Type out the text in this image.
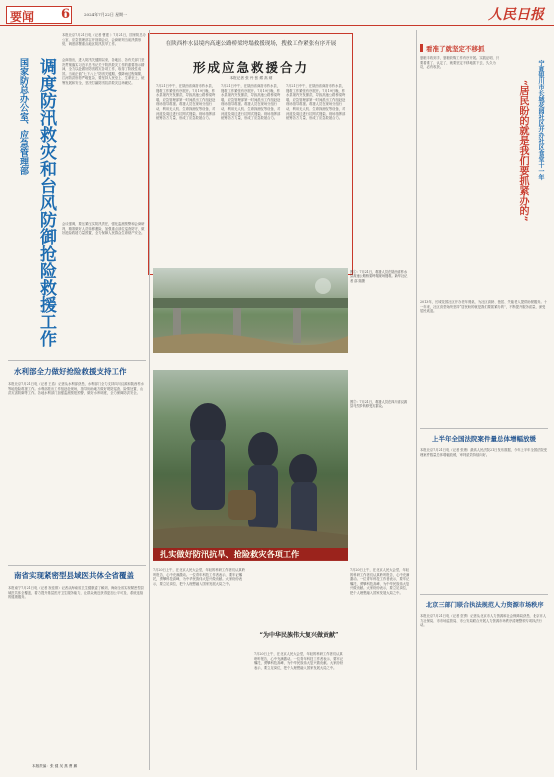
要闻 6	2024年7月22日 星期一	人民日报
本报北京7月21日电（记者 曹建 ）7月21日，国家防总办公室、应急管理部召开视频会议，会商研判当前汛情形势，调度部署重点地区防汛抗旱工作。
调度防汛救灾和台风防御抢险救援工作
国家防总办公室、应急管理部	会商指出，进入防汛关键期以来，各地区、各有关部门坚决贯彻落实习近平总书记关于防汛救灾工作的重要指示精神，全力以赴做好防汛救灾各项工作，取得了阶段性成效。当前正值“七下八上”防汛关键期，强降雨过程频繁，江河防洪形势严峻复杂，要坚持人民至上、生命至上，统筹发展和安全，坚决打赢防汛抗洪救灾这场硬仗。
会议强调，要压紧压实防汛责任，强化监测预警和会商研判，精准做好人员转移避险，加强重点部位巡查防守，做好抢险救援力量预置，全力保障人民群众生命财产安全。
水利部全力做好抢险救援支持工作
本报北京7月21日电（记者 王浩）记者从水利部获悉，水利部门全力支持四川汉源和陕西柞水等地抢险救援工作。水利部派出工作组赶赴现场，指导协助地方做好堤防巡查、险情处置、山洪灾害防御等工作。各地水利部门加强监测预报预警，做好水库调度，全力保障防洪安全。
南省实现紧密型县域医共体全省覆盖
本报南宁7月21日电（记者 祝佳祺）记者从海南省卫生健康委了解到，海南全省实现紧密型县域医共体全覆盖，着力提升基层医疗卫生服务能力，让群众就近获得更加公平可及、系统连续的健康服务。
本版责编：张 健 吴 燕 曹 鹏
在陕西柞水县境内高速公路桥梁垮塌救援现场，搜救工作紧张有序开展
形成应急救援合力
本报记者 张 丹 张 熠 高 炳
7月21日中午，在陕西省商洛市柞水县，搜救工作紧张有序展开。7月19日晚，柞水县境内突发暴洪，导致高速公路桥梁垮塌，应急管理部第一时间派出工作组赶赴现场指导救援。救援人员在现场分组行动，利用无人机、生命探测仪等设备，对河道及周边进行拉网式搜索。现场指挥部统筹各方力量，形成了应急救援合力。
7月21日中午，在陕西省商洛市柞水县，搜救工作紧张有序展开。7月19日晚，柞水县境内突发暴洪，导致高速公路桥梁垮塌，应急管理部第一时间派出工作组赶赴现场指导救援。救援人员在现场分组行动，利用无人机、生命探测仪等设备，对河道及周边进行拉网式搜索。现场指挥部统筹各方力量，形成了应急救援合力。
7月21日中午，在陕西省商洛市柞水县，搜救工作紧张有序展开。7月19日晚，柞水县境内突发暴洪，导致高速公路桥梁垮塌，应急管理部第一时间派出工作组赶赴现场指导救援。救援人员在现场分组行动，利用无人机、生命探测仪等设备，对河道及周边进行拉网式搜索。现场指挥部统筹各方力量，形成了应急救援合力。
图①：7月21日，救援人员在陕西省柞水县高速公路桥梁垮塌现场搜救。新华社记者 邵 瑞摄
扎实做好防汛抗旱、抢险救灾各项工作
图②：7月21日，救援人员在四川省汉源县马烈乡转移受灾群众。
7月20日上午，在北京人民大会堂，年轻的科研工作者们认真聆听报告，心中充满激动。一位青年科技工作者表示，要牢记嘱托，勇攀科技高峰，为中华民族伟大复兴做贡献。大家纷纷表示，要立足岗位，把个人理想融入国家发展大局之中。
“为中华民族伟大复兴做贡献”
7月20日上午，在北京人民大会堂，年轻的科研工作者们认真聆听报告，心中充满激动。一位青年科技工作者表示，要牢记嘱托，勇攀科技高峰，为中华民族伟大复兴做贡献。大家纷纷表示，要立足岗位，把个人理想融入国家发展大局之中。
7月20日上午，在北京人民大会堂，年轻的科研工作者们认真聆听报告，心中充满激动。一位青年科技工作者表示，要牢记嘱托，勇攀科技高峰，为中华民族伟大复兴做贡献。大家纷纷表示，要立足岗位，把个人理想融入国家发展大局之中。
看准了就坚定不移抓
夏粮丰收到手，夏粮收购工作有序开展。实践证明，只要看准了、认定了，就要坚定不移地抓下去，久久为功，必有收获。
“居民盼的就是我们要抓紧办的” 宁夏银川市长城花园社区开办社区食堂十一年
2013年，长城花园社区开办老年餐桌，为社区高龄、独居、失能老人提供助餐服务。十一年来，社区食堂始终坚持“居民盼的就是我们要抓紧办的”，不断提升服务质量，深受居民欢迎。
上半年全国法院案件量总体增幅放缓
本报北京7月21日电（记者 张璁）最高人民法院21日发布数据，今年上半年全国法院受理案件数量总体增幅放缓，审判质效持续向好。
北京三部门联合执法规范人力资源市场秩序
本报北京7月21日电（记者 贺勇）记者从北京市人力资源和社会保障局获悉，北京市人力社保局、市市场监管局、市公安局联合开展人力资源市场秩序清理整顿专项执法行动。
